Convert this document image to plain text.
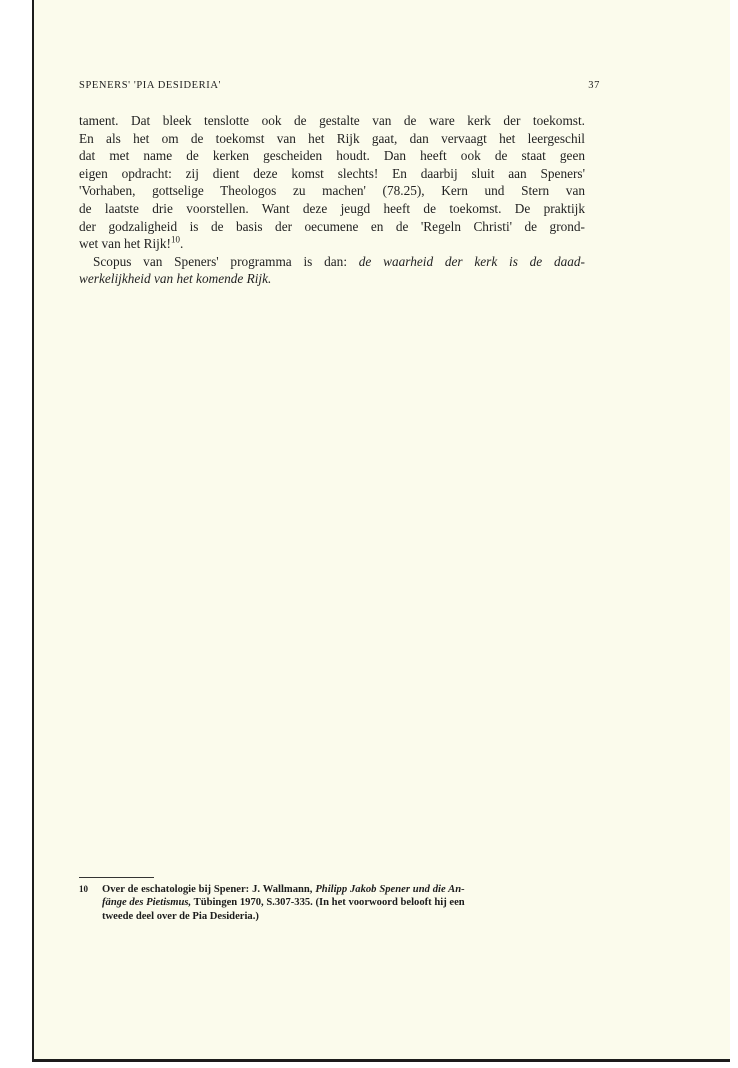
SPENERS' 'PIA DESIDERIA'	37
tament. Dat bleek tenslotte ook de gestalte van de ware kerk der toekomst.
En als het om de toekomst van het Rijk gaat, dan vervaagt het leergeschil
dat met name de kerken gescheiden houdt. Dan heeft ook de staat geen
eigen opdracht: zij dient deze komst slechts! En daarbij sluit aan Speners'
'Vorhaben, gottselige Theologos zu machen' (78.25), Kern und Stern van
de laatste drie voorstellen. Want deze jeugd heeft de toekomst. De praktijk
der godzaligheid is de basis der oecumene en de 'Regeln Christi' de grond-
wet van het Rijk!$^{10}$.
Scopus van Speners' programma is dan: de waarheid der kerk is de daad-
werkelijkheid van het komende Rijk.
10	Over de eschatologie bij Spener: J. Wallmann, Philipp Jakob Spener und die An-
fänge des Pietismus, Tübingen 1970, S.307-335. (In het voorwoord belooft hij een
tweede deel over de Pia Desideria.)
